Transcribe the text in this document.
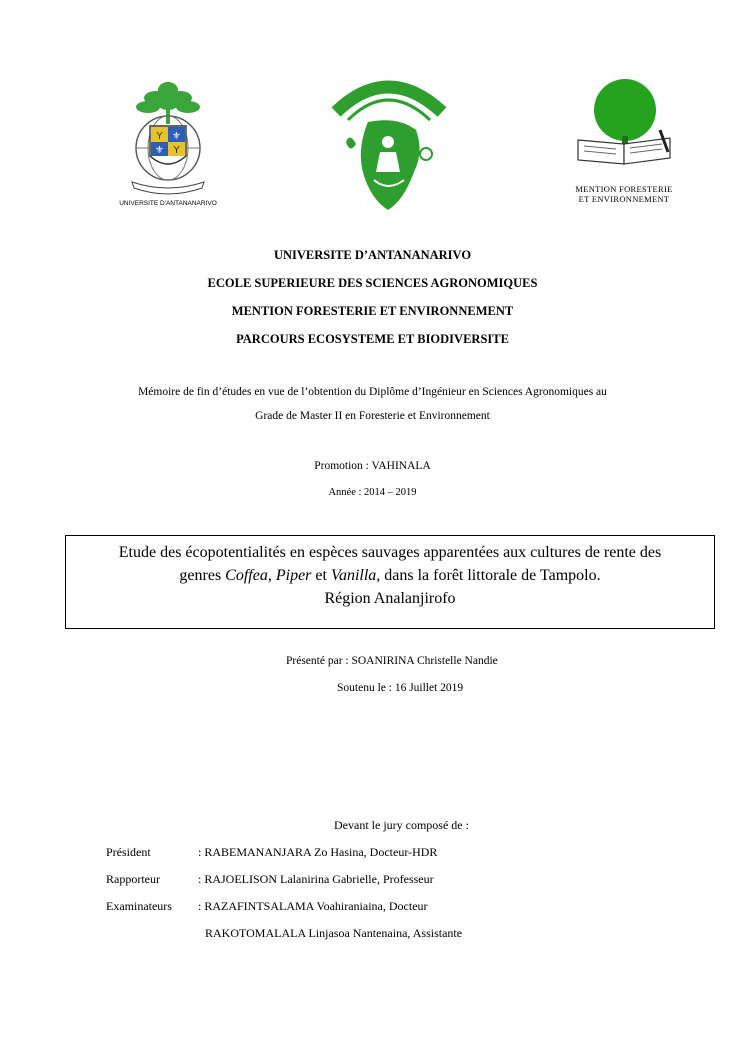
Y ⚜
⚜ Y
UNIVERSITE D'ANTANANARIVO
MENTION FORESTERIE
ET ENVIRONNEMENT
UNIVERSITE D’ANTANANARIVO
ECOLE SUPERIEURE DES SCIENCES AGRONOMIQUES
MENTION FORESTERIE ET ENVIRONNEMENT
PARCOURS ECOSYSTEME ET BIODIVERSITE
Mémoire de fin d’études en vue de l’obtention du Diplôme d’Ingénieur en Sciences Agronomiques au
Grade de Master II en Foresterie et Environnement
Promotion : VAHINALA
Année : 2014 – 2019
Etude des écopotentialités en espèces sauvages apparentées aux cultures de rente des
genres Coffea, Piper et Vanilla, dans la forêt littorale de Tampolo.
Région Analanjirofo
Présenté par : SOANIRINA Christelle Nandie
Soutenu le : 16 Juillet 2019
Devant le jury composé de :
Président	: RABEMANANJARA Zo Hasina, Docteur-HDR
Rapporteur	: RAJOELISON Lalanirina Gabrielle, Professeur
Examinateurs : RAZAFINTSALAMA Voahiraniaina, Docteur
RAKOTOMALALA Linjasoa Nantenaina, Assistante
